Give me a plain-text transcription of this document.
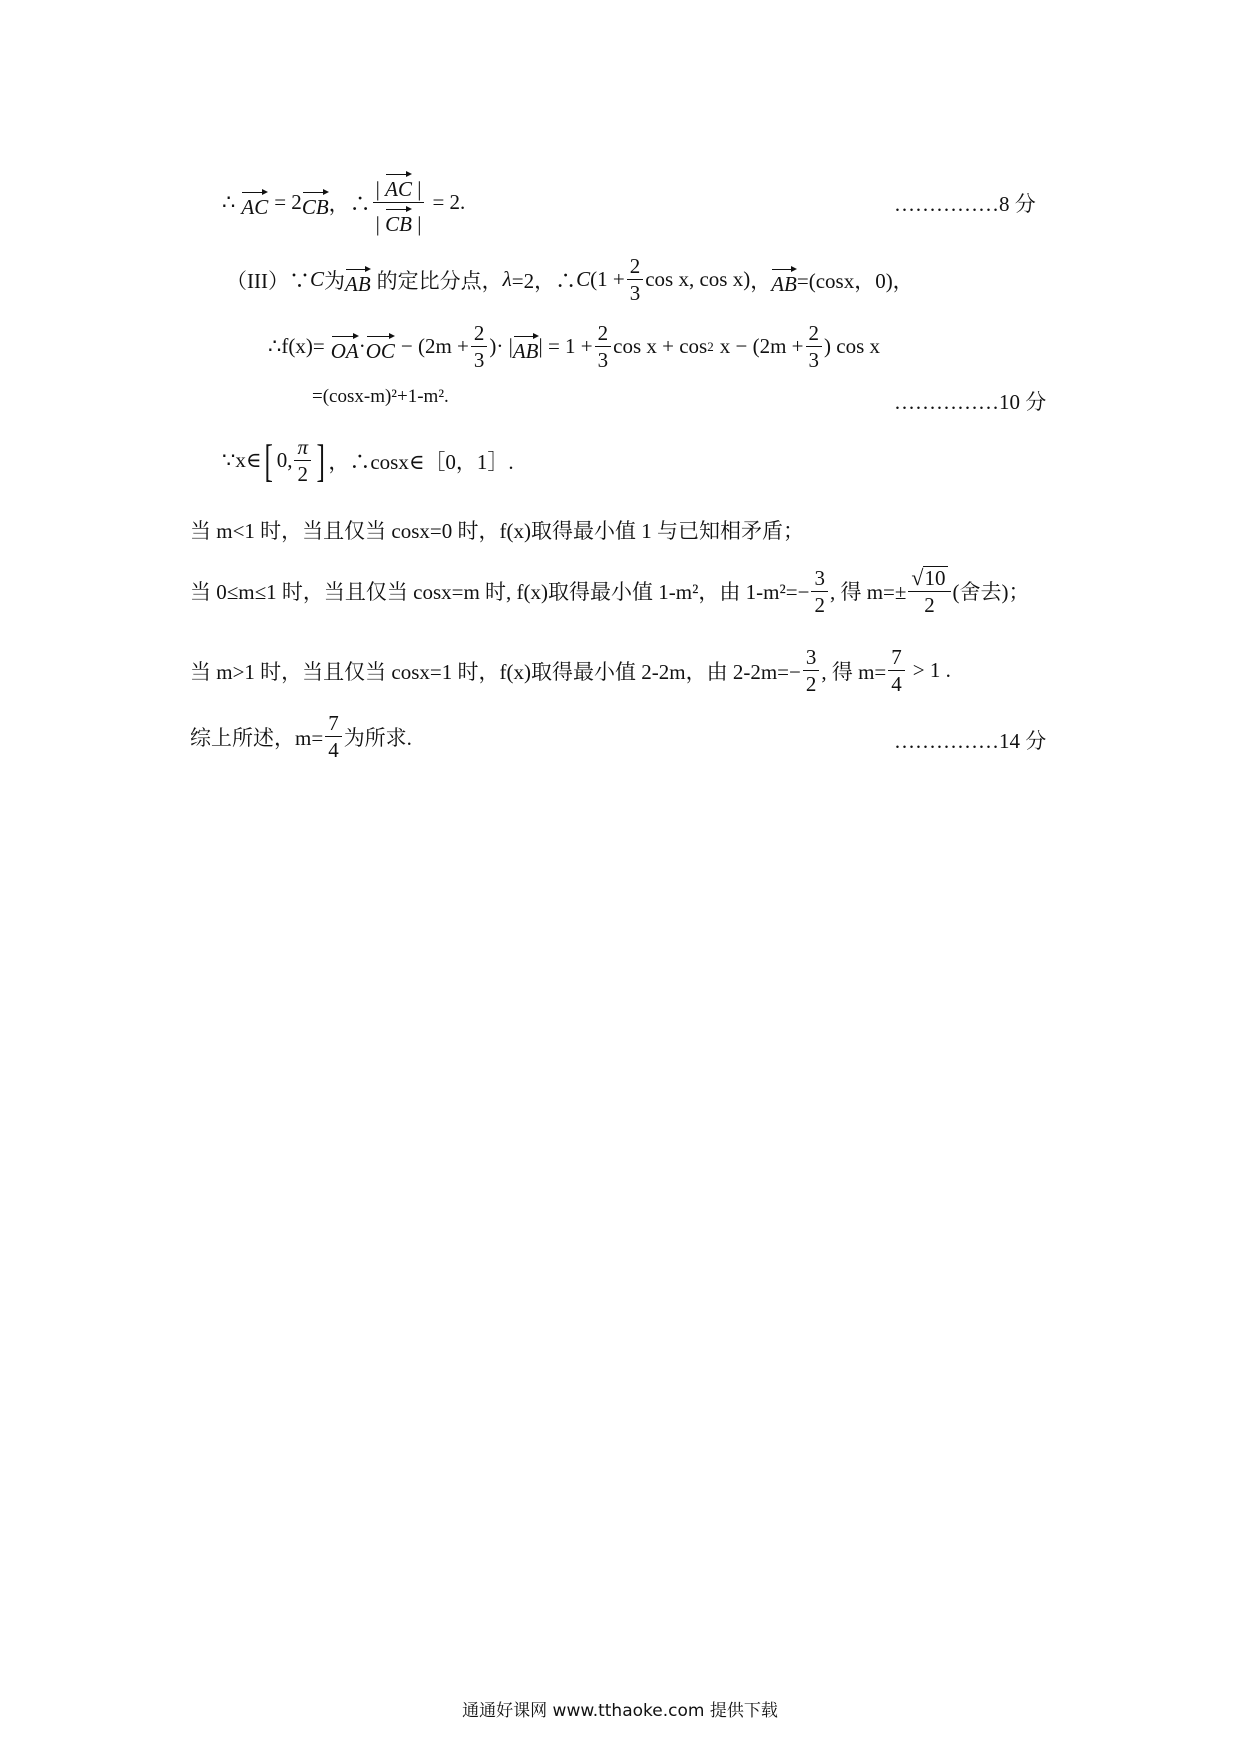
∴ AC = 2 CB ，∴ $\frac{| AC |}{| CB |} = 2$.	……………8 分
（III）∵ C 为 AB 的定比分点， λ =2，∴ C ($1 + \frac{2}{3}$ cos x, cos x) ， AB =(cosx，0)，
∴f(x)= OA · OC − ($2m + \frac{2}{3}$ )· | AB | = $1 + \frac{2}{3}$ cos x + cos 2 $x - (2m + \frac{2}{3}$ ) cos x
=(cosx-m)²+1-m².	……………10 分
∵x∈ [ 0, $\frac{\pi}{2}$ ] ，∴cosx∈［0，1］.
当 m<1 时，当且仅当 cosx=0 时，f(x)取得最小值 1 与已知相矛盾；
当 0≤m≤1 时，当且仅当 cosx=m 时, f(x)取得最小值 1-m²，由 $1-m^2=- \frac{3}{2}$ , 得 $m=\pm \frac{√ 10}{2}$ (舍去)；
当 m>1 时，当且仅当 cosx=1 时，f(x)取得最小值 2-2m，由 $2-2m=- \frac{3}{2}$ , 得 $m= \frac{7}{4} > 1$ .
综上所述，$m= \frac{7}{4}$ 为所求.	……………14 分
通通好课网 www.tthaoke.com 提供下载
